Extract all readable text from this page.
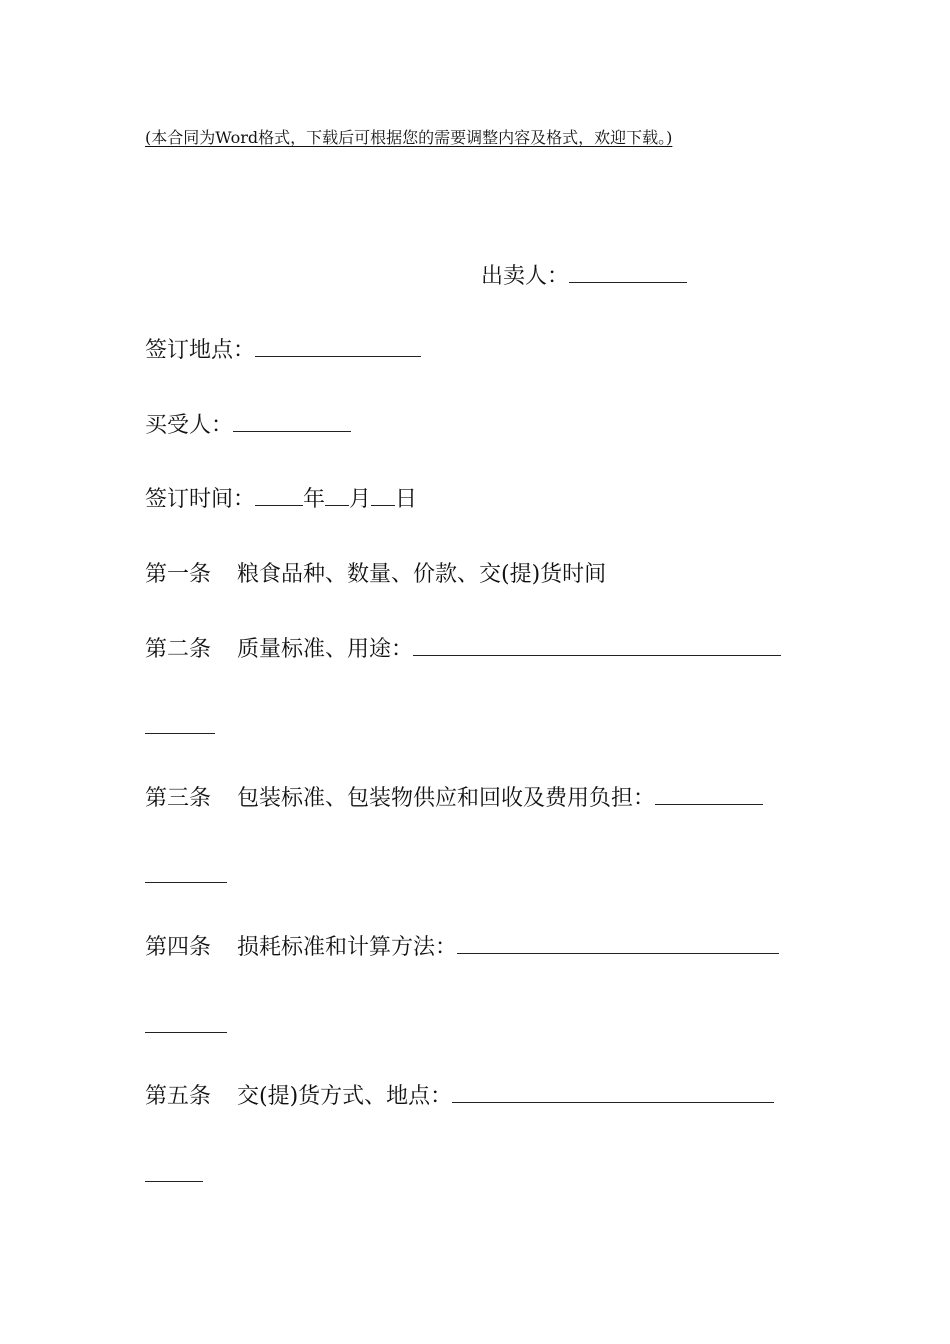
(本合同为Word格式，下载后可根据您的需要调整内容及格式，欢迎下载。)
出卖人：
签订地点：
买受人：
签订时间： 年 月 日
第一条 粮食品种、数量、价款、交(提)货时间
第二条 质量标准、用途：
第三条 包装标准、包装物供应和回收及费用负担：
第四条 损耗标准和计算方法：
第五条 交(提)货方式、地点：
